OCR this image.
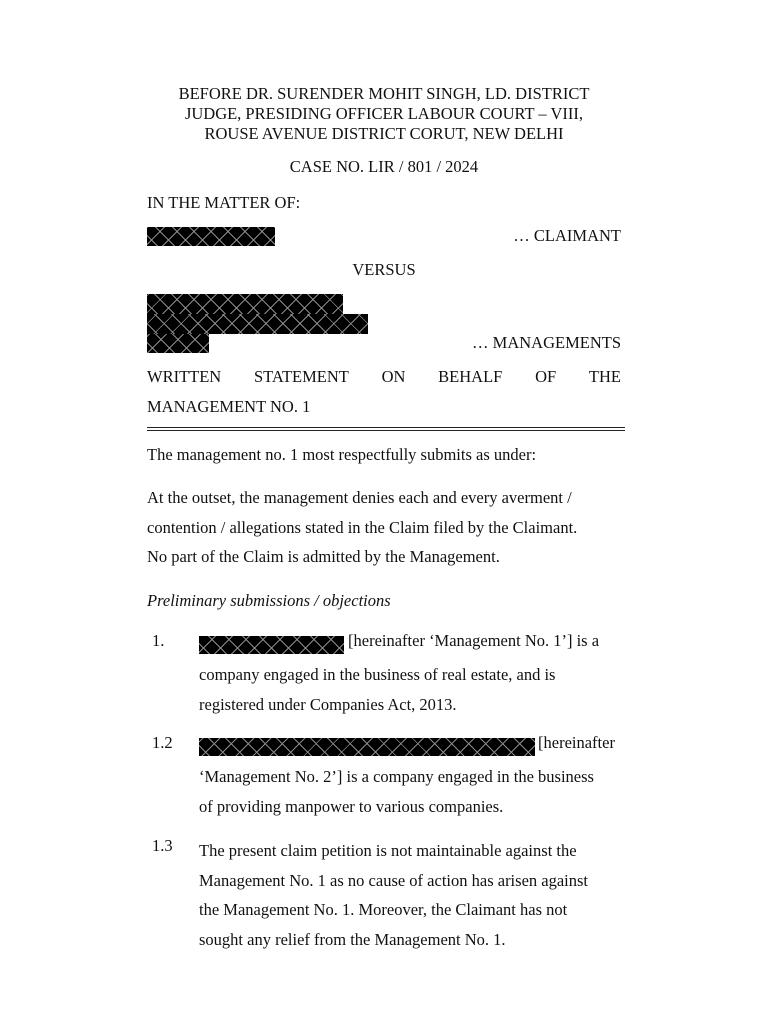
BEFORE DR. SURENDER MOHIT SINGH, LD. DISTRICT
JUDGE, PRESIDING OFFICER LABOUR COURT – VIII,
ROUSE AVENUE DISTRICT CORUT, NEW DELHI
CASE NO. LIR / 801 / 2024
IN THE MATTER OF:
… CLAIMANT
VERSUS
… MANAGEMENTS
WRITTEN STATEMENT ON BEHALF OF THE
MANAGEMENT NO. 1
The management no. 1 most respectfully submits as under:
At the outset, the management denies each and every averment /
contention / allegations stated in the Claim filed by the Claimant.
No part of the Claim is admitted by the Management.
Preliminary submissions / objections
1.	[hereinafter ‘Management No. 1’] is a
company engaged in the business of real estate, and is
registered under Companies Act, 2013.
1.2	[hereinafter
‘Management No. 2’] is a company engaged in the business
of providing manpower to various companies.
1.3 The present claim petition is not maintainable against the
Management No. 1 as no cause of action has arisen against
the Management No. 1. Moreover, the Claimant has not
sought any relief from the Management No. 1.
